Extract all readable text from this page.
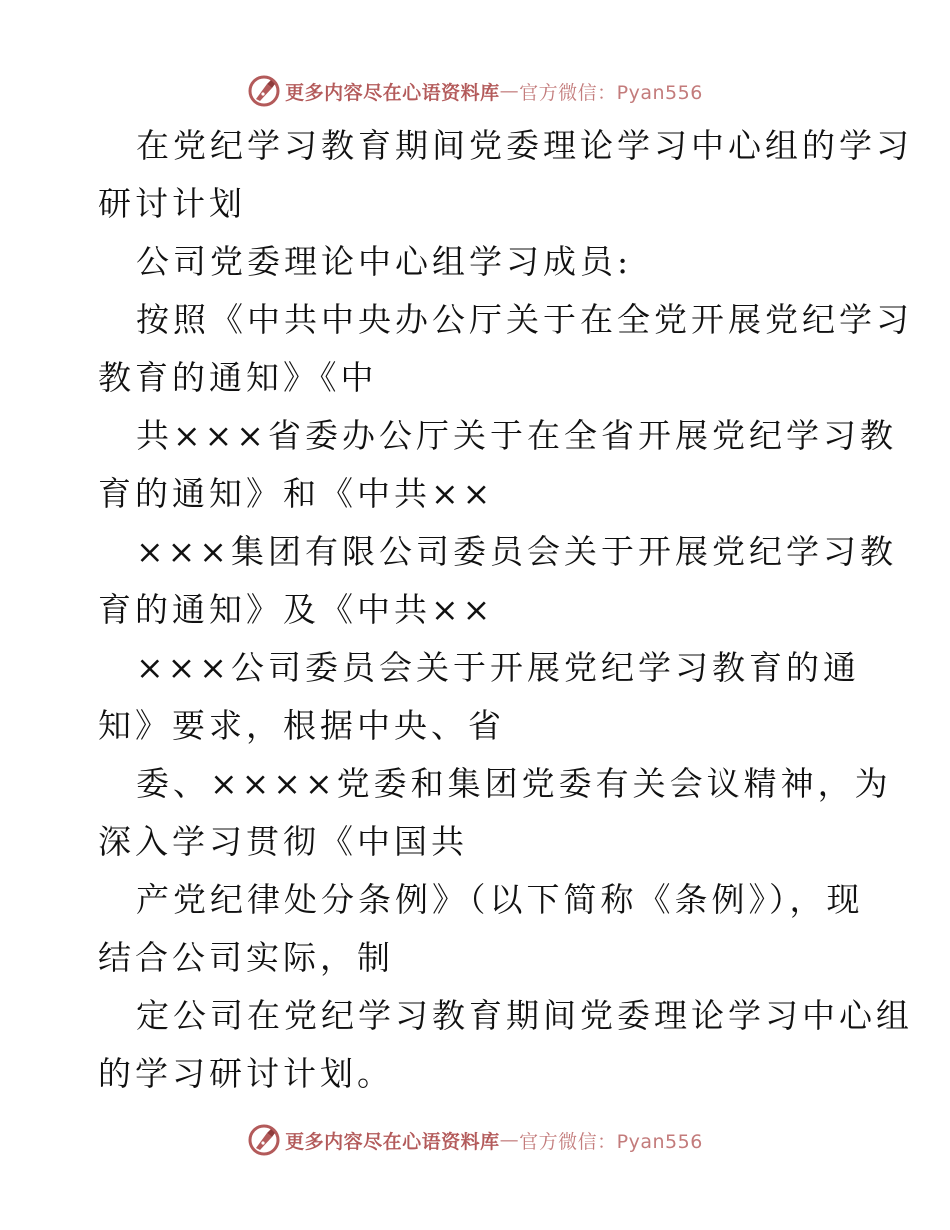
更多内容尽在心语资料库 — 官方微信：Pyan556
在党纪学习教育期间党委理论学习中心组的学习
研讨计划
公司党委理论中心组学习成员:
按照《中共中央办公厅关于在全党开展党纪学习
教育的通知》《中
共×××省委办公厅关于在全省开展党纪学习教
育的通知》和《中共××
×××集团有限公司委员会关于开展党纪学习教
育的通知》及《中共××
×××公司委员会关于开展党纪学习教育的通
知》要求，根据中央、省
委、××××党委和集团党委有关会议精神，为
深入学习贯彻《中国共
产党纪律处分条例》（以下简称《条例》），现
结合公司实际，制
定公司在党纪学习教育期间党委理论学习中心组
的学习研讨计划。
更多内容尽在心语资料库 — 官方微信：Pyan556
